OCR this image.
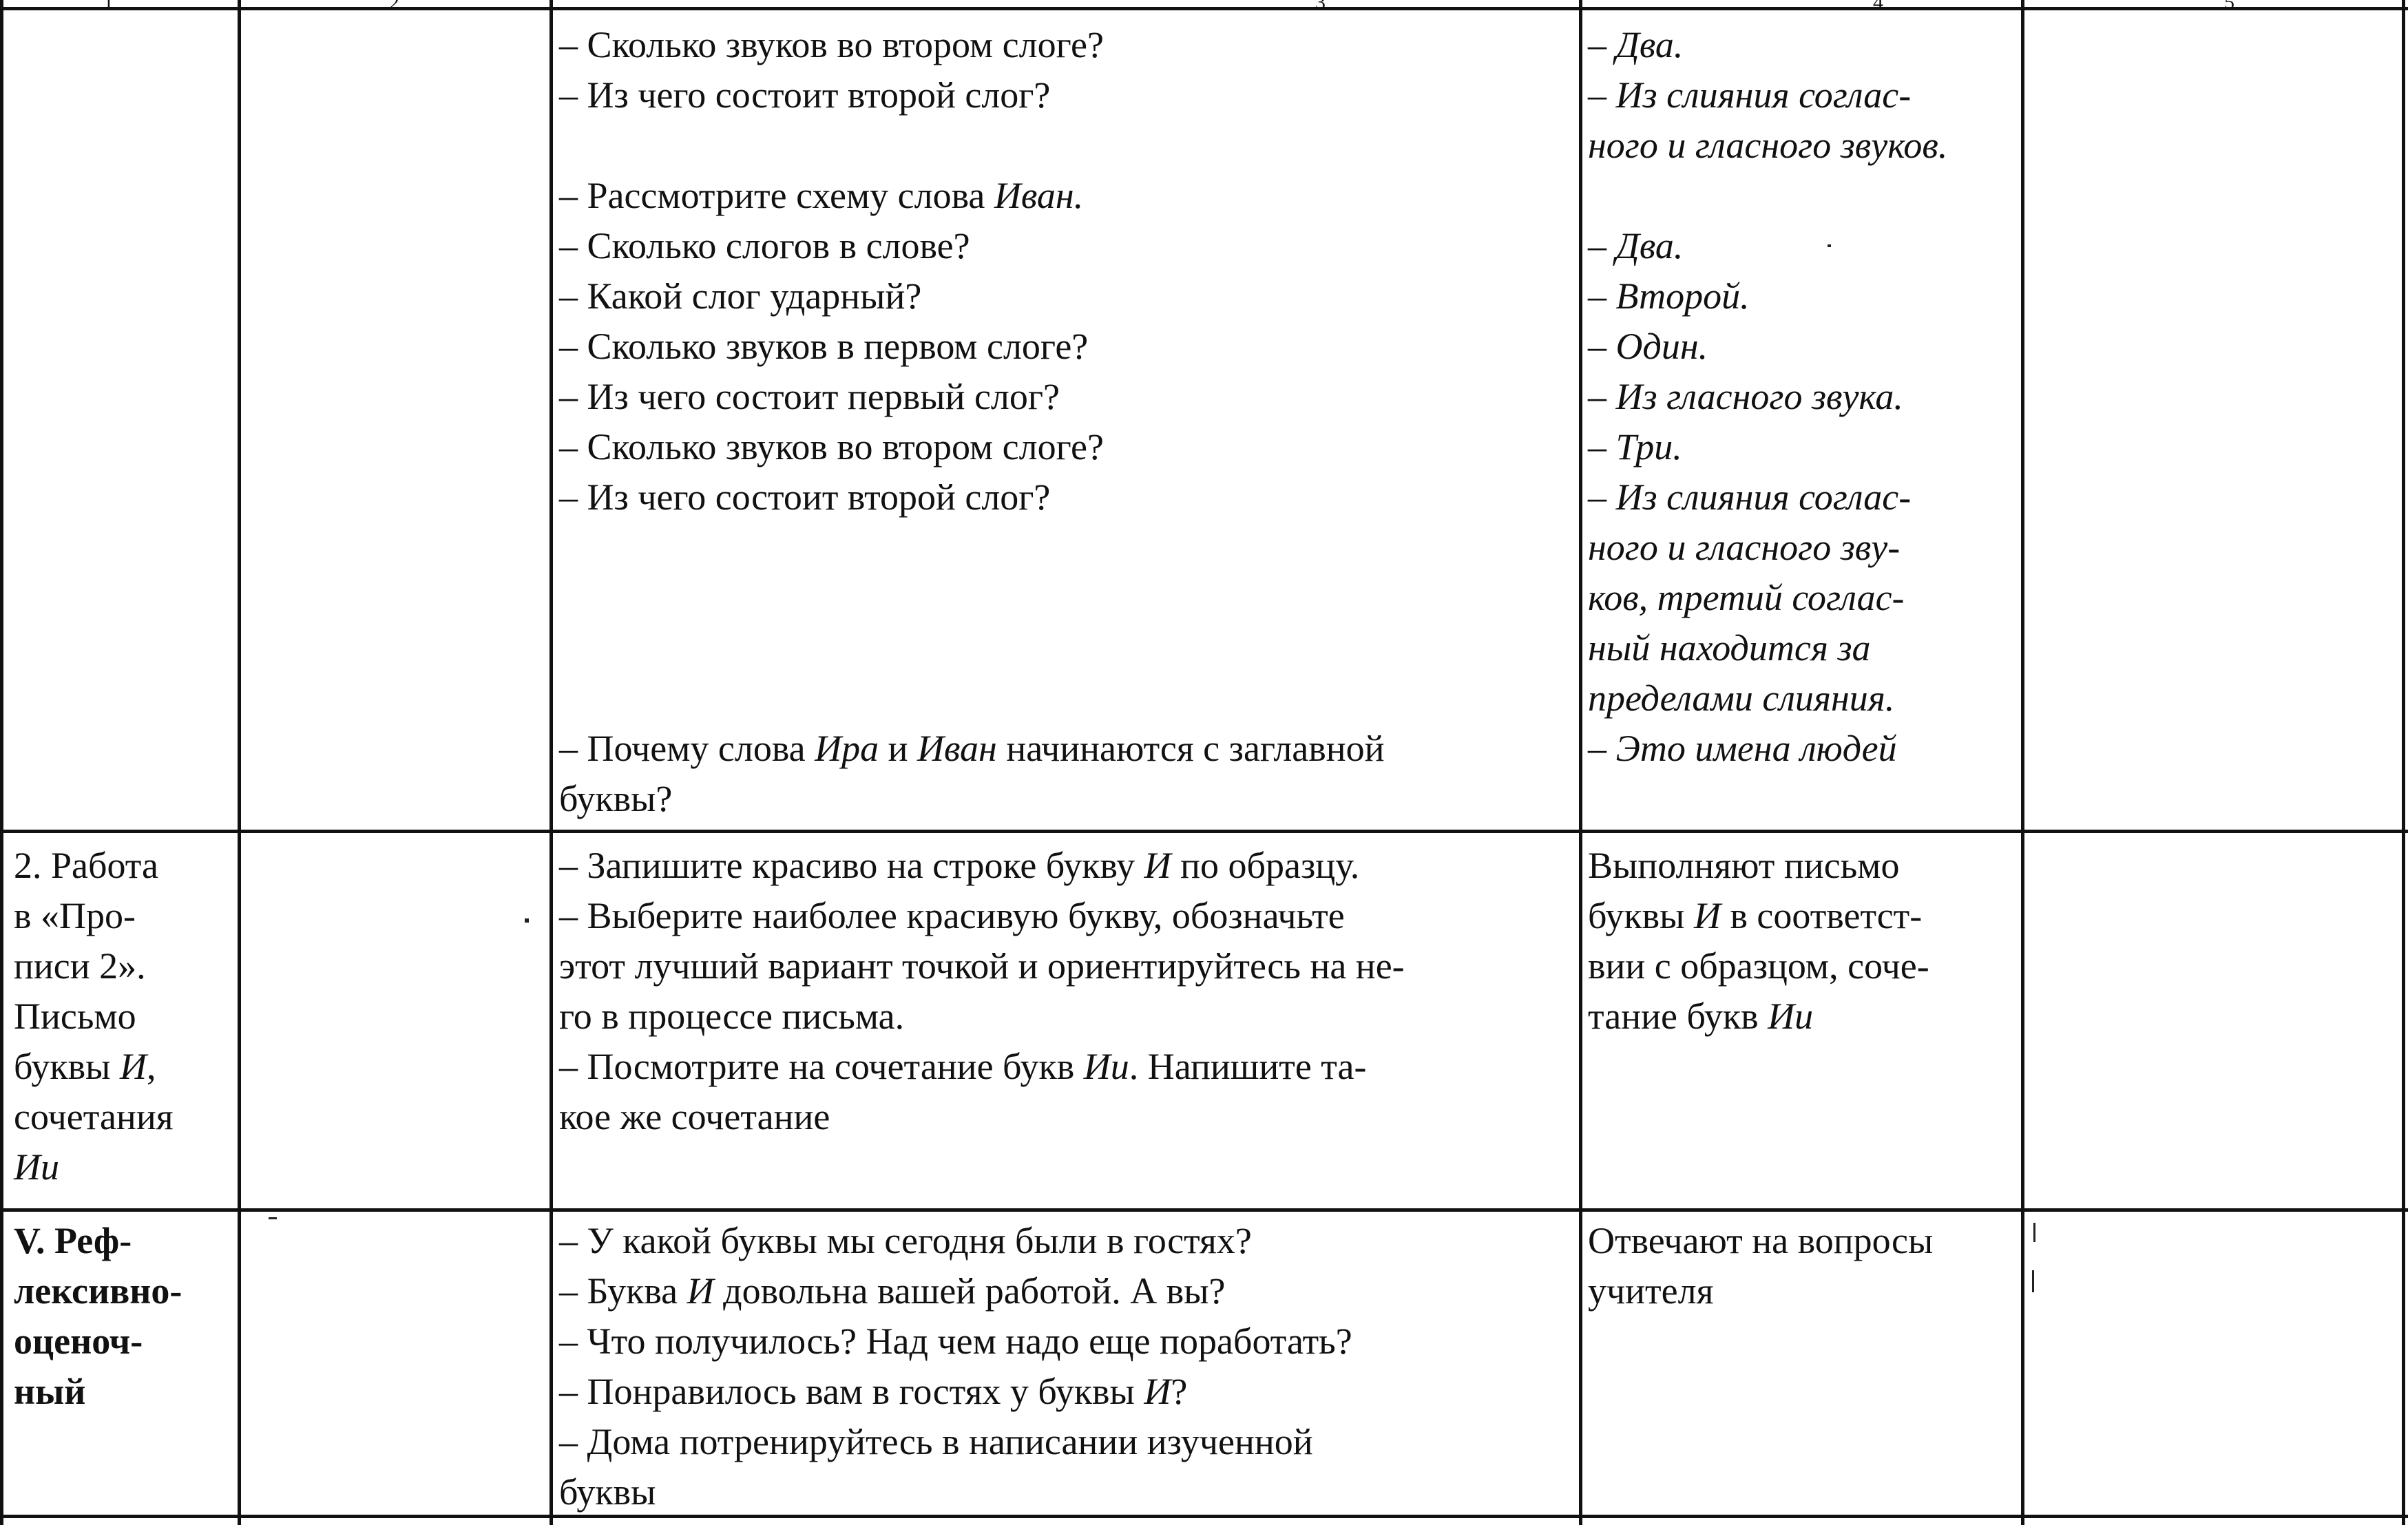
– Сколько звуков во втором слоге?
– Из чего состоит второй слог?
– Рассмотрите схему слова Иван.
– Сколько слогов в слове?
– Какой слог ударный?
– Сколько звуков в первом слоге?
– Из чего состоит первый слог?
– Сколько звуков во втором слоге?
– Из чего состоит второй слог?
– Почему слова Ира и Иван начинаются с заглавной
буквы?
– Два.
– Из слияния соглас-
ного и гласного звуков.
– Два.
– Второй.
– Один.
– Из гласного звука.
– Три.
– Из слияния соглас-
ного и гласного зву-
ков, третий соглас-
ный находится за
пределами слияния.
– Это имена людей
2. Работа
в «Про-
писи 2».
Письмо
буквы И,
сочетания
Ии
– Запишите красиво на строке букву И по образцу.
– Выберите наиболее красивую букву, обозначьте
этот лучший вариант точкой и ориентируйтесь на не-
го в процессе письма.
– Посмотрите на сочетание букв Ии. Напишите та-
кое же сочетание
Выполняют письмо
буквы И в соответст-
вии с образцом, соче-
тание букв Ии
V. Реф-
лексивно-
оценоч-
ный
– У какой буквы мы сегодня были в гостях?
– Буква И довольна вашей работой. А вы?
– Что получилось? Над чем надо еще поработать?
– Понравилось вам в гостях у буквы И?
– Дома потренируйтесь в написании изученной
буквы
Отвечают на вопросы
учителя
